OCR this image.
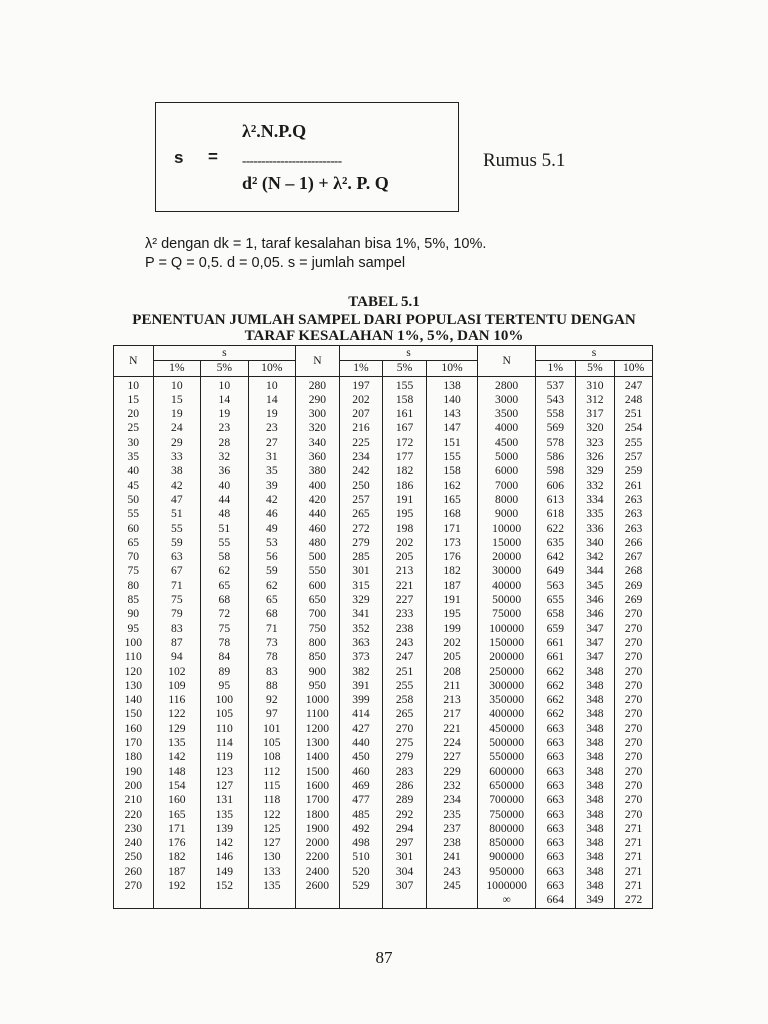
s =
λ².N.P.Q
--------------------------
d² (N – 1) + λ². P. Q
Rumus 5.1
λ² dengan dk = 1, taraf kesalahan bisa 1%, 5%, 10%.
P = Q = 0,5. d = 0,05. s = jumlah sampel
TABEL 5.1
PENENTUAN JUMLAH SAMPEL DARI POPULASI TERTENTU DENGAN
TARAF KESALAHAN 1%, 5%, DAN 10%
N	s			N	s			N	s		
	1%	5%	10%		1%	5%	10%		1%	5%	10%
10	10	10	10	280	197	155	138	2800	537	310	247
15	15	14	14	290	202	158	140	3000	543	312	248
20	19	19	19	300	207	161	143	3500	558	317	251
25	24	23	23	320	216	167	147	4000	569	320	254
30	29	28	27	340	225	172	151	4500	578	323	255
35	33	32	31	360	234	177	155	5000	586	326	257
40	38	36	35	380	242	182	158	6000	598	329	259
45	42	40	39	400	250	186	162	7000	606	332	261
50	47	44	42	420	257	191	165	8000	613	334	263
55	51	48	46	440	265	195	168	9000	618	335	263
60	55	51	49	460	272	198	171	10000	622	336	263
65	59	55	53	480	279	202	173	15000	635	340	266
70	63	58	56	500	285	205	176	20000	642	342	267
75	67	62	59	550	301	213	182	30000	649	344	268
80	71	65	62	600	315	221	187	40000	563	345	269
85	75	68	65	650	329	227	191	50000	655	346	269
90	79	72	68	700	341	233	195	75000	658	346	270
95	83	75	71	750	352	238	199	100000	659	347	270
100	87	78	73	800	363	243	202	150000	661	347	270
110	94	84	78	850	373	247	205	200000	661	347	270
120	102	89	83	900	382	251	208	250000	662	348	270
130	109	95	88	950	391	255	211	300000	662	348	270
140	116	100	92	1000	399	258	213	350000	662	348	270
150	122	105	97	1100	414	265	217	400000	662	348	270
160	129	110	101	1200	427	270	221	450000	663	348	270
170	135	114	105	1300	440	275	224	500000	663	348	270
180	142	119	108	1400	450	279	227	550000	663	348	270
190	148	123	112	1500	460	283	229	600000	663	348	270
200	154	127	115	1600	469	286	232	650000	663	348	270
210	160	131	118	1700	477	289	234	700000	663	348	270
220	165	135	122	1800	485	292	235	750000	663	348	270
230	171	139	125	1900	492	294	237	800000	663	348	271
240	176	142	127	2000	498	297	238	850000	663	348	271
250	182	146	130	2200	510	301	241	900000	663	348	271
260	187	149	133	2400	520	304	243	950000	663	348	271
270	192	152	135	2600	529	307	245	1000000	663	348	271
								∞	664	349	272
87
